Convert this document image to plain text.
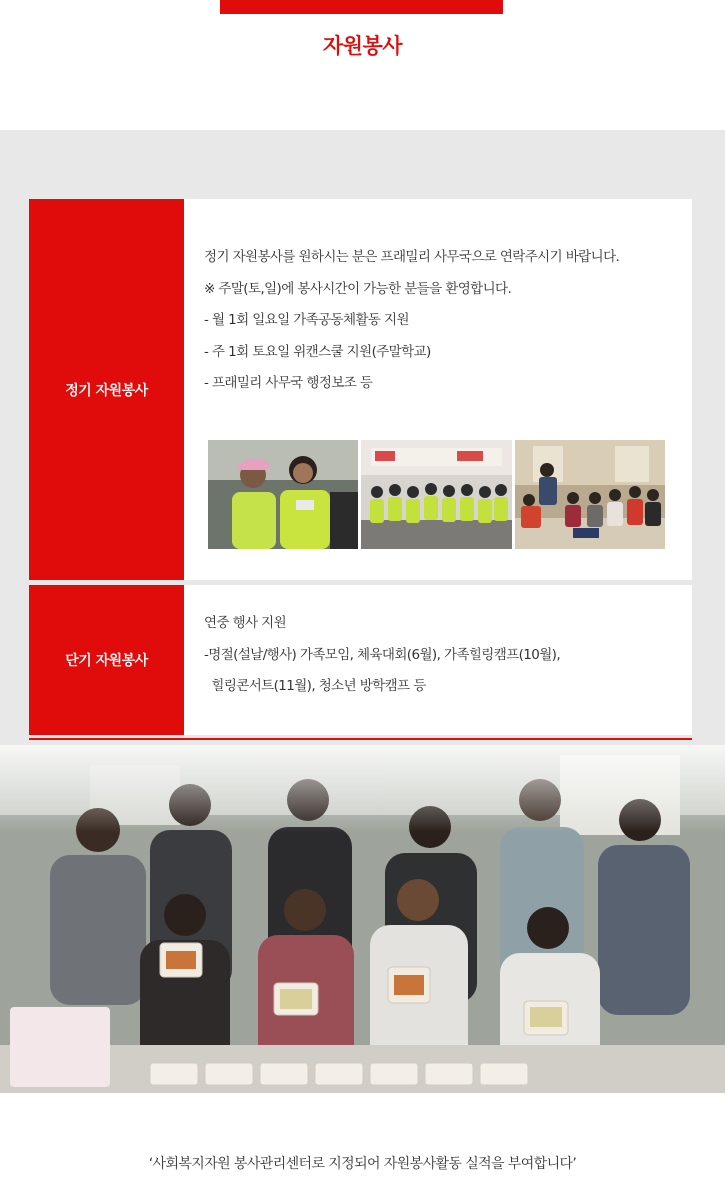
자원봉사
정기 자원봉사

정기 자원봉사를 원하시는 분은 프래밀리 사무국으로 연락주시기 바랍니다.

※ 주말(토,일)에 봉사시간이 가능한 분들을 환영합니다.

- 월 1회 일요일 가족공동체활동 지원

- 주 1회 토요일 위캔스쿨 지원(주말학교)

- 프래밀리 사무국 행정보조 등

단기 자원봉사

연중 행사 지원

-명절(설날/행사) 가족모임, 체육대회(6월), 가족힐링캠프(10월),

힐링콘서트(11월), 청소년 방학캠프 등

‘사회복지자원 봉사관리센터로 지정되어 자원봉사활동 실적을 부여합니다’
